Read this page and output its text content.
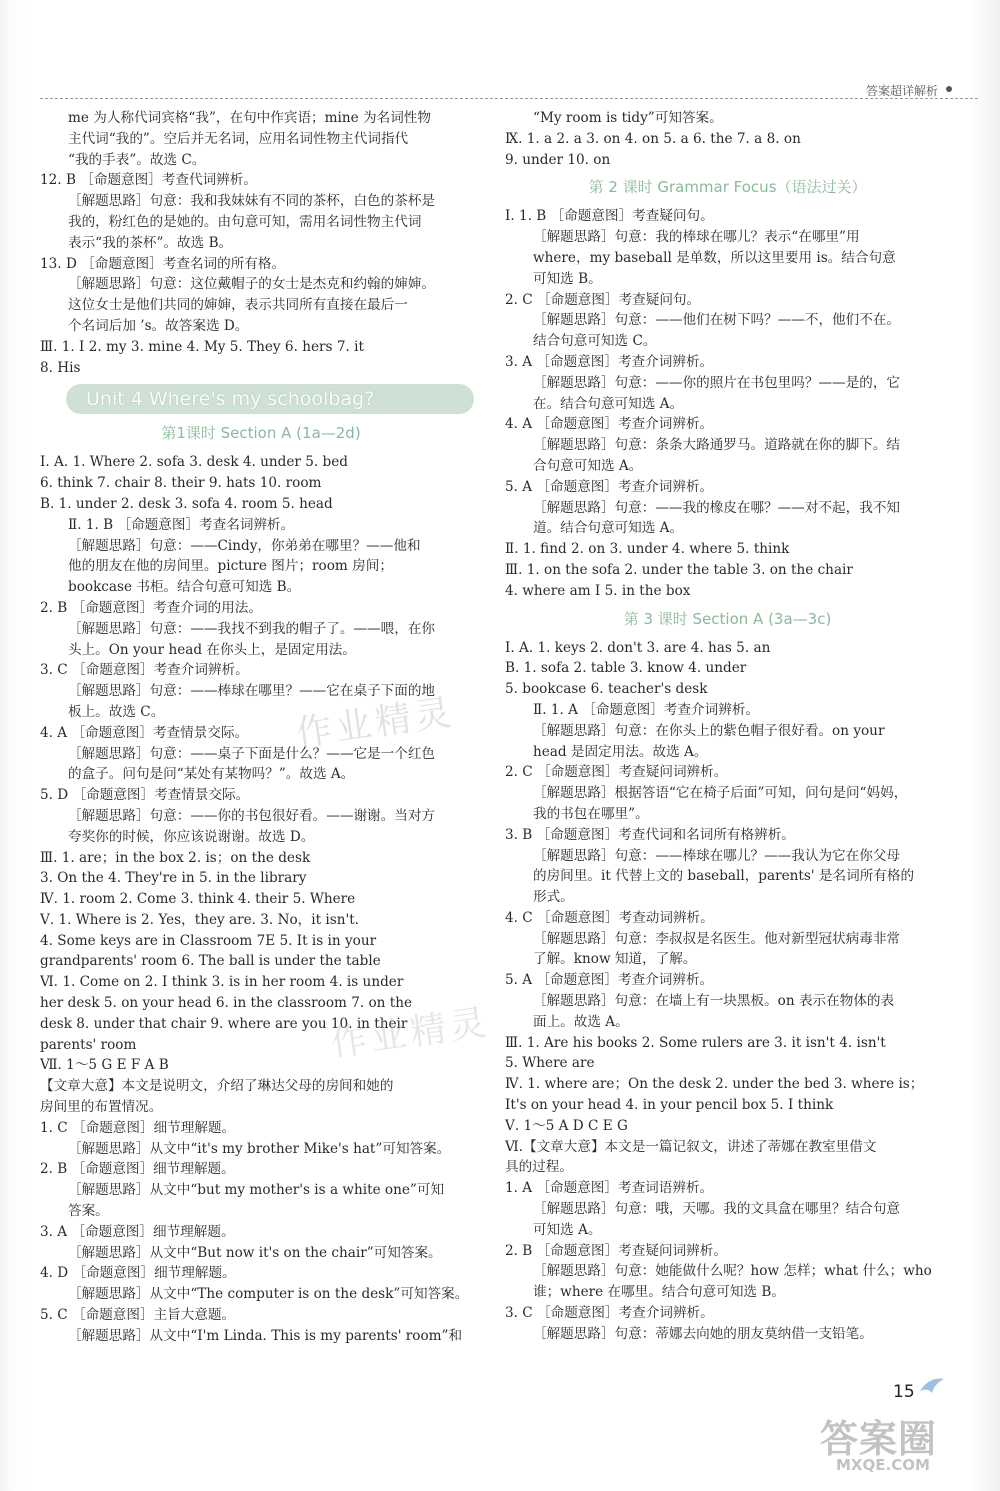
答案超详解析
me 为人称代词宾格“我”，在句中作宾语；mine 为名词性物
主代词“我的”。空后并无名词，应用名词性物主代词指代
“我的手表”。故选 C。
12. B ［命题意图］考查代词辨析。
［解题思路］句意：我和我妹妹有不同的茶杯，白色的茶杯是
我的，粉红色的是她的。由句意可知，需用名词性物主代词
表示“我的茶杯”。故选 B。
13. D ［命题意图］考查名词的所有格。
［解题思路］句意：这位戴帽子的女士是杰克和约翰的婶婶。
这位女士是他们共同的婶婶，表示共同所有直接在最后一
个名词后加 ’s。故答案选 D。
Ⅲ. 1. I 2. my 3. mine 4. My 5. They 6. hers 7. it
8. His
Unit 4 Where's my schoolbag?
第1课时 Section A (1a—2d)
Ⅰ. A. 1. Where 2. sofa 3. desk 4. under 5. bed
6. think 7. chair 8. their 9. hats 10. room
B. 1. under 2. desk 3. sofa 4. room 5. head
Ⅱ. 1. B ［命题意图］考查名词辨析。
［解题思路］句意：——Cindy，你弟弟在哪里？——他和
他的朋友在他的房间里。picture 图片；room 房间；
bookcase 书柜。结合句意可知选 B。
2. B ［命题意图］考查介词的用法。
［解题思路］句意：——我找不到我的帽子了。——喂，在你
头上。On your head 在你头上，是固定用法。
3. C ［命题意图］考查介词辨析。
［解题思路］句意：——棒球在哪里？——它在桌子下面的地
板上。故选 C。
4. A ［命题意图］考查情景交际。
［解题思路］句意：——桌子下面是什么？——它是一个红色
的盒子。问句是问“某处有某物吗？”。故选 A。
5. D ［命题意图］考查情景交际。
［解题思路］句意：——你的书包很好看。——谢谢。当对方
夸奖你的时候，你应该说谢谢。故选 D。
Ⅲ. 1. are；in the box 2. is；on the desk
3. On the 4. They're in 5. in the library
Ⅳ. 1. room 2. Come 3. think 4. their 5. Where
Ⅴ. 1. Where is 2. Yes，they are. 3. No，it isn't.
4. Some keys are in Classroom 7E 5. It is in your
grandparents' room 6. The ball is under the table
Ⅵ. 1. Come on 2. I think 3. is in her room 4. is under
her desk 5. on your head 6. in the classroom 7. on the
desk 8. under that chair 9. where are you 10. in their
parents' room
Ⅶ. 1～5 G E F A B
【文章大意】本文是说明文，介绍了琳达父母的房间和她的
房间里的布置情况。
1. C ［命题意图］细节理解题。
［解题思路］从文中“it's my brother Mike's hat”可知答案。
2. B ［命题意图］细节理解题。
［解题思路］从文中“but my mother's is a white one”可知
答案。
3. A ［命题意图］细节理解题。
［解题思路］从文中“But now it's on the chair”可知答案。
4. D ［命题意图］细节理解题。
［解题思路］从文中“The computer is on the desk”可知答案。
5. C ［命题意图］主旨大意题。
［解题思路］从文中“I'm Linda. This is my parents' room”和
“My room is tidy”可知答案。
Ⅸ. 1. a 2. a 3. on 4. on 5. a 6. the 7. a 8. on
9. under 10. on
第 2 课时 Grammar Focus（语法过关）
Ⅰ. 1. B ［命题意图］考查疑问句。
［解题思路］句意：我的棒球在哪儿？表示“在哪里”用
where，my baseball 是单数，所以这里要用 is。结合句意
可知选 B。
2. C ［命题意图］考查疑问句。
［解题思路］句意：——他们在树下吗？——不，他们不在。
结合句意可知选 C。
3. A ［命题意图］考查介词辨析。
［解题思路］句意：——你的照片在书包里吗？——是的，它
在。结合句意可知选 A。
4. A ［命题意图］考查介词辨析。
［解题思路］句意：条条大路通罗马。道路就在你的脚下。结
合句意可知选 A。
5. A ［命题意图］考查介词辨析。
［解题思路］句意：——我的橡皮在哪？——对不起，我不知
道。结合句意可知选 A。
Ⅱ. 1. find 2. on 3. under 4. where 5. think
Ⅲ. 1. on the sofa 2. under the table 3. on the chair
4. where am I 5. in the box
第 3 课时 Section A (3a—3c)
Ⅰ. A. 1. keys 2. don't 3. are 4. has 5. an
B. 1. sofa 2. table 3. know 4. under
5. bookcase 6. teacher's desk
Ⅱ. 1. A ［命题意图］考查介词辨析。
［解题思路］句意：在你头上的紫色帽子很好看。on your
head 是固定用法。故选 A。
2. C ［命题意图］考查疑问词辨析。
［解题思路］根据答语“它在椅子后面”可知，问句是问“妈妈，
我的书包在哪里”。
3. B ［命题意图］考查代词和名词所有格辨析。
［解题思路］句意：——棒球在哪儿？——我认为它在你父母
的房间里。it 代替上文的 baseball，parents' 是名词所有格的
形式。
4. C ［命题意图］考查动词辨析。
［解题思路］句意：李叔叔是名医生。他对新型冠状病毒非常
了解。know 知道，了解。
5. A ［命题意图］考查介词辨析。
［解题思路］句意：在墙上有一块黑板。on 表示在物体的表
面上。故选 A。
Ⅲ. 1. Are his books 2. Some rulers are 3. it isn't 4. isn't
5. Where are
Ⅳ. 1. where are；On the desk 2. under the bed 3. where is；
It's on your head 4. in your pencil box 5. I think
Ⅴ. 1～5 A D C E G
Ⅵ.【文章大意】本文是一篇记叙文，讲述了蒂娜在教室里借文
具的过程。
1. A ［命题意图］考查词语辨析。
［解题思路］句意：哦，天哪。我的文具盒在哪里？结合句意
可知选 A。
2. B ［命题意图］考查疑问词辨析。
［解题思路］句意：她能做什么呢？how 怎样；what 什么；who
谁；where 在哪里。结合句意可知选 B。
3. C ［命题意图］考查介词辨析。
［解题思路］句意：蒂娜去向她的朋友莫纳借一支铅笔。
作业精灵
作业精灵
15
答案圈
MXQE.COM
